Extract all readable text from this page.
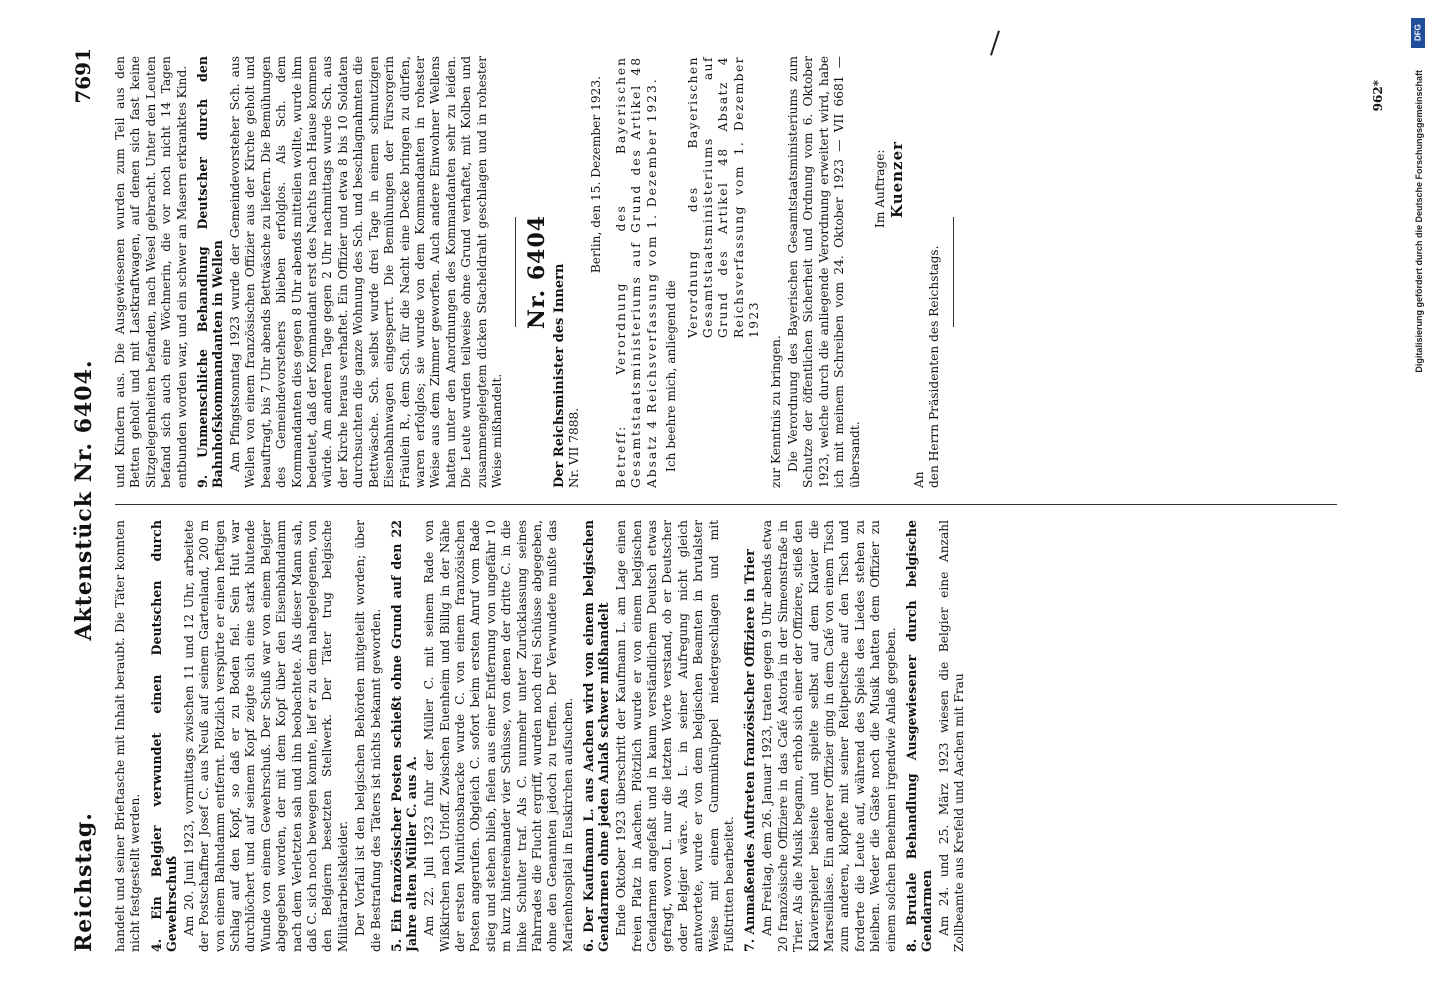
Reichstag.
Aktenstück Nr. 6404.
7691

handelt und seiner Brieftasche mit Inhalt beraubt. Die Täter konnten nicht festgestellt werden. 4. Ein Belgier verwundet einen Deutschen durch Gewehrschuß Am 20. Juni 1923, vormittags zwischen 11 und 12 Uhr, arbeitete der Postschaffner Josef C. aus Neuß auf seinem Gartenland, 200 m von einem Bahndamm entfernt. Plötzlich verspürte er einen heftigen Schlag auf den Kopf, so daß er zu Boden fiel. Sein Hut war durchlöchert und auf seinem Kopf zeigte sich eine stark blutende Wunde von einem Gewehrschuß. Der Schuß war von einem Belgier abgegeben worden, der mit dem Kopf über den Eisenbahndamm nach dem Verletzten sah und ihn beobachtete. Als dieser Mann sah, daß C. sich noch bewegen konnte, lief er zu dem nahegelegenen, von den Belgiern besetzten Stellwerk. Der Täter trug belgische Militärarbeitskleider. Der Vorfall ist den belgischen Behörden mitgeteilt worden; über die Bestrafung des Täters ist nichts bekannt geworden. 5. Ein französischer Posten schießt ohne Grund auf den 22 Jahre alten Müller C. aus A. Am 22. Juli 1923 fuhr der Müller C. mit seinem Rade von Wißkirchen nach Urloff. Zwischen Euenheim und Billig in der Nähe der ersten Munitionsbaracke wurde C. von einem französischen Posten angerufen. Obgleich C. sofort beim ersten Anruf vom Rade stieg und stehen blieb, fielen aus einer Entfernung von ungefähr 10 m kurz hintereinander vier Schüsse, von denen der dritte C. in die linke Schulter traf. Als C. nunmehr unter Zurücklassung seines Fahrrades die Flucht ergriff, wurden noch drei Schüsse abgegeben, ohne den Genannten jedoch zu treffen. Der Verwundete mußte das Marienhospital in Euskirchen aufsuchen. 6. Der Kaufmann L. aus Aachen wird von einem belgischen Gendarmen ohne jeden Anlaß schwer mißhandelt Ende Oktober 1923 überschritt der Kaufmann L. am Lage einen freien Platz in Aachen. Plötzlich wurde er von einem belgischen Gendarmen angefaßt und in kaum verständlichem Deutsch etwas gefragt, wovon L. nur die letzten Worte verstand, ob er Deutscher oder Belgier wäre. Als L. in seiner Aufregung nicht gleich antwortete, wurde er von dem belgischen Beamten in brutalster Weise mit einem Gummiknüppel niedergeschlagen und mit Fußtritten bearbeitet. 7. Anmaßendes Auftreten französischer Offiziere in Trier Am Freitag, dem 26. Januar 1923, traten gegen 9 Uhr abends etwa 20 französische Offiziere in das Café Astoria in der Simeonstraße in Trier. Als die Musik begann, erhob sich einer der Offiziere, stieß den Klavierspieler beiseite und spielte selbst auf dem Klavier die Marseillaise. Ein anderer Offizier ging in dem Café von einem Tisch zum anderen, klopfte mit seiner Reitpeitsche auf den Tisch und forderte die Leute auf, während des Spiels des Liedes stehen zu bleiben. Weder die Gäste noch die Musik hatten dem Offizier zu einem solchen Benehmen irgendwie Anlaß gegeben. 8. Brutale Behandlung Ausgewiesener durch belgische Gendarmen Am 24. und 25. März 1923 wiesen die Belgier eine Anzahl Zollbeamte aus Krefeld und Aachen mit Frau

und Kindern aus. Die Ausgewiesenen wurden zum Teil aus den Betten geholt und mit Lastkraftwagen, auf denen sich fast keine Sitzgelegenheiten befanden, nach Wesel gebracht. Unter den Leuten befand sich auch eine Wöchnerin, die vor noch nicht 14 Tagen entbunden worden war, und ein schwer an Masern erkranktes Kind. 9. Unmenschliche Behandlung Deutscher durch den Bahnhofskommandanten in Wellen Am Pfingstsonntag 1923 wurde der Gemeindevorsteher Sch. aus Wellen von einem französischen Offizier aus der Kirche geholt und beauftragt, bis 7 Uhr abends Bettwäsche zu liefern. Die Bemühungen des Gemeindevorstehers blieben erfolglos. Als Sch. dem Kommandanten dies gegen 8 Uhr abends mitteilen wollte, wurde ihm bedeutet, daß der Kommandant erst des Nachts nach Hause kommen würde. Am anderen Tage gegen 2 Uhr nachmittags wurde Sch. aus der Kirche heraus verhaftet. Ein Offizier und etwa 8 bis 10 Soldaten durchsuchten die ganze Wohnung des Sch. und beschlagnahmten die Bettwäsche. Sch. selbst wurde drei Tage in einem schmutzigen Eisenbahnwagen eingesperrt. Die Bemühungen der Fürsorgerin Fräulein R., dem Sch. für die Nacht eine Decke bringen zu dürfen, waren erfolglos; sie wurde von dem Kommandanten in rohester Weise aus dem Zimmer geworfen. Auch andere Einwohner Wellens hatten unter den Anordnungen des Kommandanten sehr zu leiden. Die Leute wurden teilweise ohne Grund verhaftet, mit Kolben und zusammengelegtem dicken Stacheldraht geschlagen und in rohester Weise mißhandelt.

Nr. 6404 Der Reichsminister des Innern Nr. VII 7888.
Berlin, den 15. Dezember 1923. Betreff: Verordnung des Bayerischen Gesamtstaatsministeriums auf Grund des Artikel 48 Absatz 4 Reichsverfassung vom 1. Dezember 1923. Ich beehre mich, anliegend die

Verordnung des Bayerischen Gesamtstaatsministeriums auf Grund des Artikel 48 Absatz 4 Reichsverfassung vom 1. Dezember 1923

zur Kenntnis zu bringen. Die Verordnung des Bayerischen Gesamtstaatsministeriums zum Schutze der öffentlichen Sicherheit und Ordnung vom 6. Oktober 1923, welche durch die anliegende Verordnung erweitert wird, habe ich mit meinem Schreiben vom 24. Oktober 1923 — VII 6681 — übersandt.

Im Auftrage: Kuenzer

An den Herrn Präsidenten des Reichstags.

962*
DFG
Digitalisierung gefördert durch die Deutsche Forschungsgemeinschaft
